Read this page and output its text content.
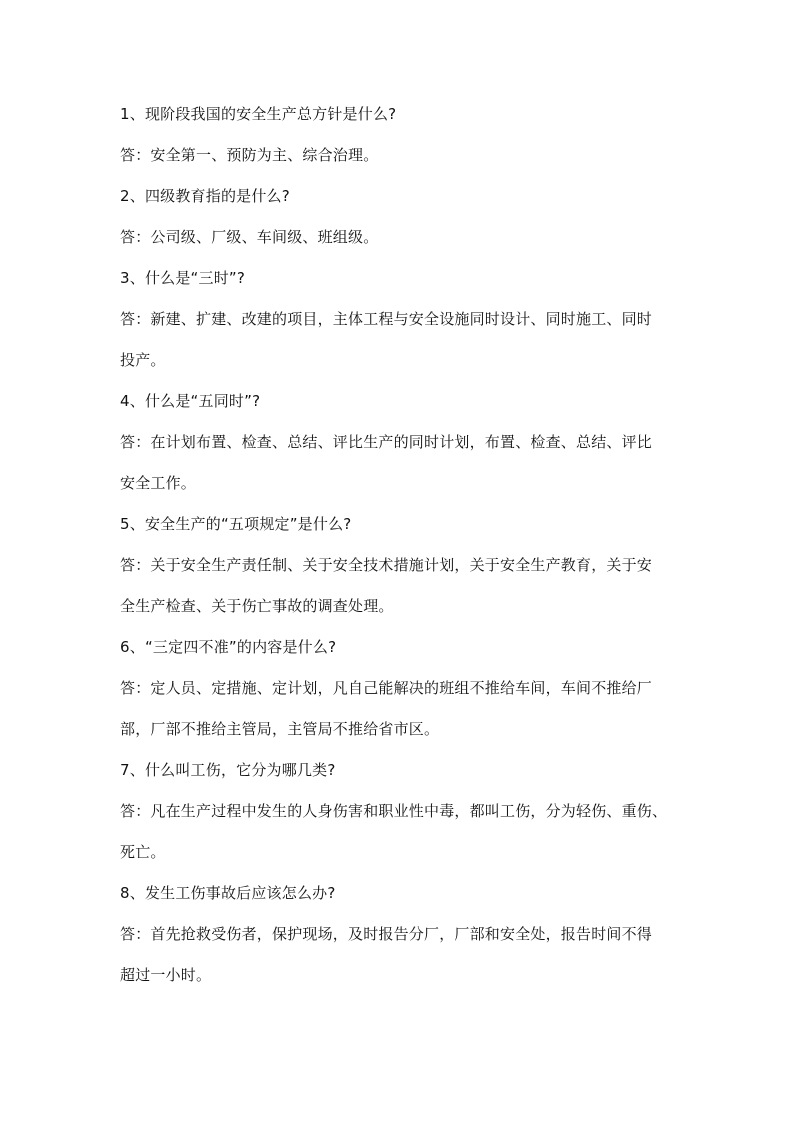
1、现阶段我国的安全生产总方针是什么?

答：安全第一、预防为主、综合治理。

2、四级教育指的是什么?

答：公司级、厂级、车间级、班组级。

3、什么是“三时”?

答：新建、扩建、改建的项目，主体工程与安全设施同时设计、同时施工、同时

投产。

4、什么是“五同时”?

答：在计划布置、检查、总结、评比生产的同时计划，布置、检查、总结、评比

安全工作。

5、安全生产的“五项规定”是什么?

答：关于安全生产责任制、关于安全技术措施计划，关于安全生产教育，关于安

全生产检查、关于伤亡事故的调查处理。

6、“三定四不准”的内容是什么?

答：定人员、定措施、定计划，凡自己能解决的班组不推给车间，车间不推给厂

部，厂部不推给主管局，主管局不推给省市区。

7、什么叫工伤，它分为哪几类?

答：凡在生产过程中发生的人身伤害和职业性中毒，都叫工伤，分为轻伤、重伤、

死亡。

8、发生工伤事故后应该怎么办?

答：首先抢救受伤者，保护现场，及时报告分厂，厂部和安全处，报告时间不得

超过一小时。
